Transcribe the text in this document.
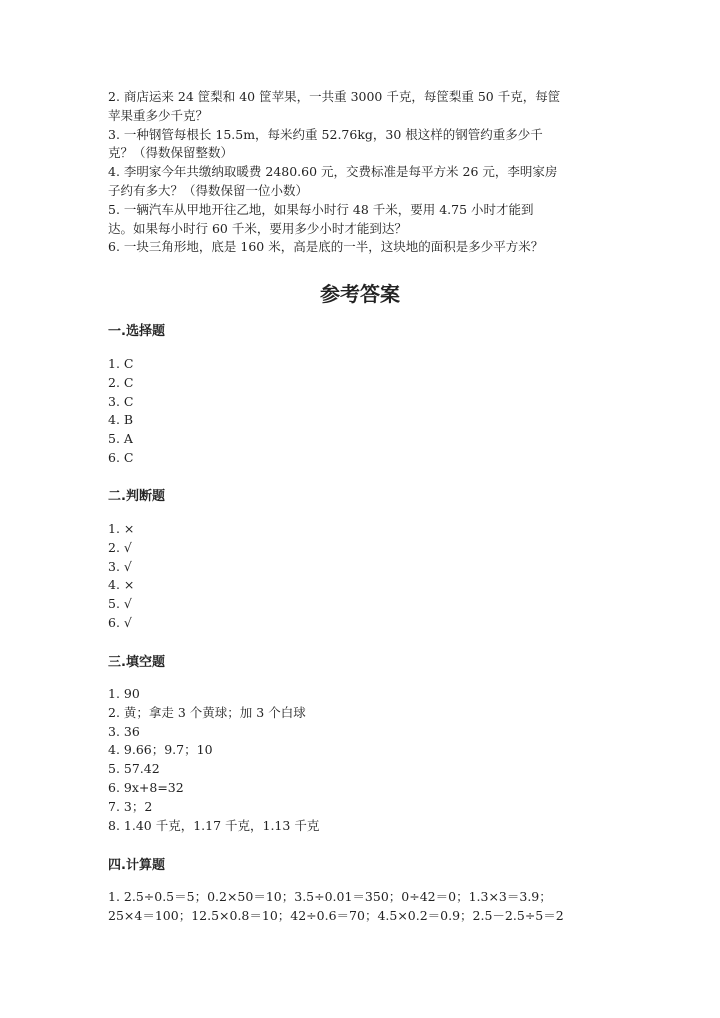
2. 商店运来 24 筐梨和 40 筐苹果，一共重 3000 千克，每筐梨重 50 千克，每筐
苹果重多少千克？
3. 一种钢管每根长 15.5m，每米约重 52.76kg，30 根这样的钢管约重多少千
克？（得数保留整数）
4. 李明家今年共缴纳取暖费 2480.60 元，交费标准是每平方米 26 元，李明家房
子约有多大？（得数保留一位小数）
5. 一辆汽车从甲地开往乙地，如果每小时行 48 千米，要用 4.75 小时才能到
达。如果每小时行 60 千米，要用多少小时才能到达？
6. 一块三角形地，底是 160 米，高是底的一半，这块地的面积是多少平方米？
参考答案
一.选择题
1. C
2. C
3. C
4. B
5. A
6. C
二.判断题
1. ×
2. √
3. √
4. ×
5. √
6. √
三.填空题
1. 90
2. 黄；拿走 3 个黄球；加 3 个白球
3. 36
4. 9.66；9.7；10
5. 57.42
6. 9x+8=32
7. 3；2
8. 1.40 千克，1.17 千克，1.13 千克
四.计算题
1. 2.5÷0.5＝5；0.2×50＝10；3.5÷0.01＝350；0÷42＝0；1.3×3＝3.9；
25×4＝100；12.5×0.8＝10；42÷0.6＝70；4.5×0.2＝0.9；2.5－2.5÷5＝2
